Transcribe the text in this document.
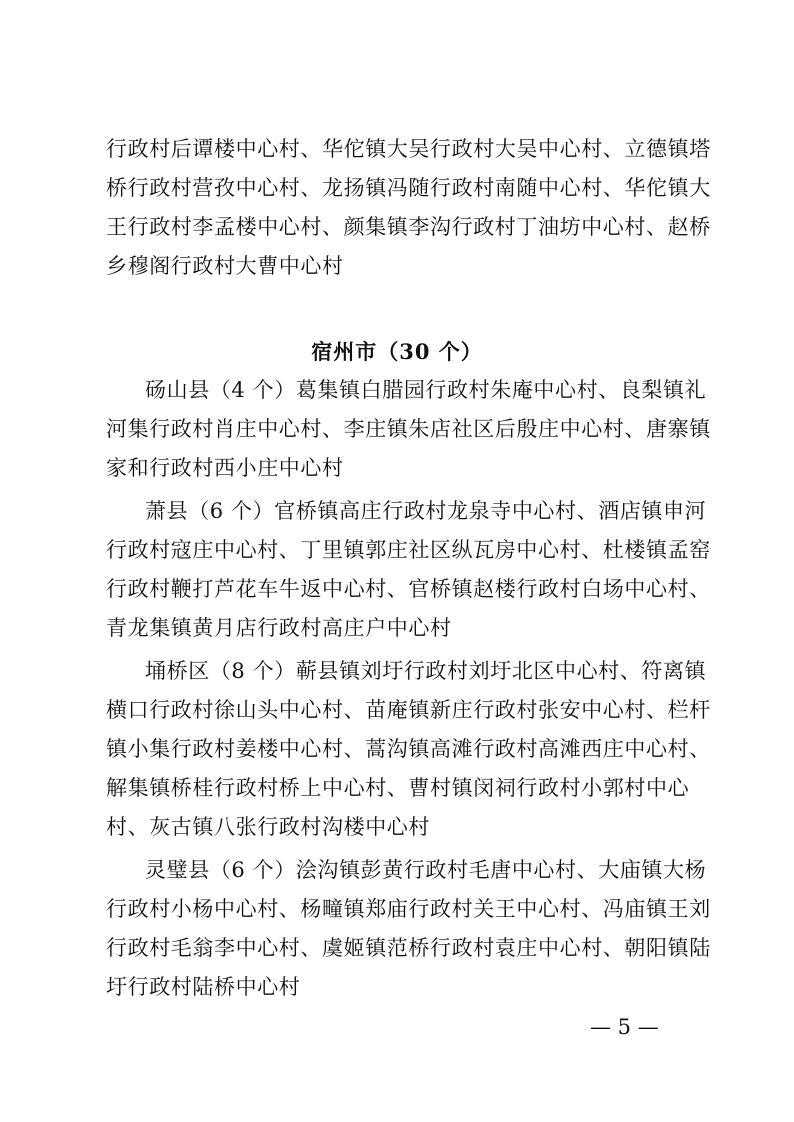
行政村后谭楼中心村、华佗镇大吴行政村大吴中心村、立德镇塔
桥行政村营孜中心村、龙扬镇冯随行政村南随中心村、华佗镇大
王行政村李孟楼中心村、颜集镇李沟行政村丁油坊中心村、赵桥
乡穆阁行政村大曹中心村
宿州市（30 个）
砀山县（4 个）葛集镇白腊园行政村朱庵中心村、良梨镇礼
河集行政村肖庄中心村、李庄镇朱店社区后殷庄中心村、唐寨镇
家和行政村西小庄中心村
萧县（6 个）官桥镇高庄行政村龙泉寺中心村、酒店镇申河
行政村寇庄中心村、丁里镇郭庄社区纵瓦房中心村、杜楼镇孟窑
行政村鞭打芦花车牛返中心村、官桥镇赵楼行政村白场中心村、
青龙集镇黄月店行政村高庄户中心村
埇桥区（8 个）蕲县镇刘圩行政村刘圩北区中心村、符离镇
横口行政村徐山头中心村、苗庵镇新庄行政村张安中心村、栏杆
镇小集行政村姜楼中心村、蒿沟镇高滩行政村高滩西庄中心村、
解集镇桥桂行政村桥上中心村、曹村镇闵祠行政村小郭村中心
村、灰古镇八张行政村沟楼中心村
灵璧县（6 个）浍沟镇彭黄行政村毛唐中心村、大庙镇大杨
行政村小杨中心村、杨疃镇郑庙行政村关王中心村、冯庙镇王刘
行政村毛翁李中心村、虞姬镇范桥行政村袁庄中心村、朝阳镇陆
圩行政村陆桥中心村
— 5 —
